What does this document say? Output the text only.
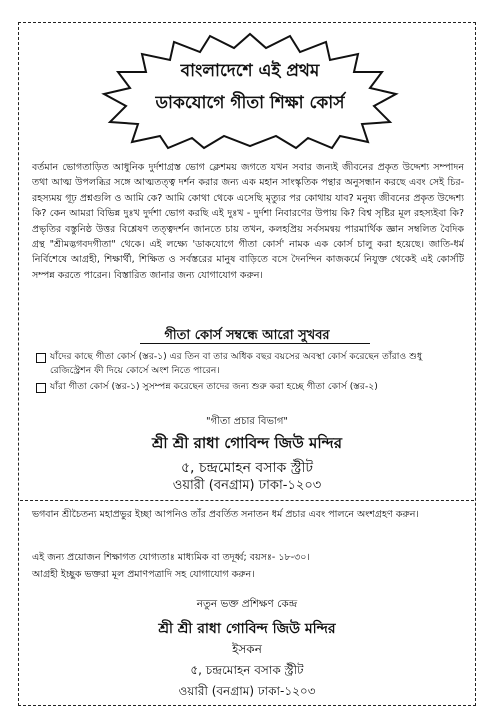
বাংলাদেশে এই প্রথম
ডাকযোগে গীতা শিক্ষা কোর্স

বর্তমান ভোগতাড়িত আধুনিক দুর্দশাগ্রস্ত ভোগ ক্লেশময় জগতে যখন সবার জন্যই জীবনের প্রকৃত উদ্দেশ্য সম্পাদন তথা আত্ম উপলব্ধির সঙ্গে আত্মতত্ত্ব দর্শন করার জন্য এক মহান সাংস্কৃতিক পন্থার অনুসন্ধান করছে এবং সেই চির-রহস্যময় গূঢ় প্রশ্নগুলি ও আমি কে? আমি কোথা থেকে এসেছি মৃত্যুর পর কোথায় যাব? মনুষ্য জীবনের প্রকৃত উদ্দেশ্য কি? কেন আমরা বিভিন্ন দুঃখ দুর্দশা ভোগ করছি এই দুঃখ - দুর্দশা নিবারণের উপায় কি? বিশ্ব সৃষ্টির মূল রহস্যইবা কি? প্রভৃতির বস্তুনিষ্ঠ উত্তর বিশ্লেষণ তত্ত্বদর্শন জানতে চায় তখন, কলহপ্রিয় সর্বসমন্বয় পারমার্থিক জ্ঞান সম্বলিত বৈদিক গ্রন্থ "শ্রীমদ্ভগবদগীতা" থেকে। এই লক্ষ্যে 'ডাকযোগে গীতা কোর্স' নামক এক কোর্স চালু করা হয়েছে। জাতি-ধর্ম নির্বিশেষে আগ্রহী, শিক্ষার্থী, শিক্ষিত ও সর্বস্তরের মানুষ বাড়িতে বসে দৈনন্দিন কাজকর্মে নিযুক্ত থেকেই এই কোর্সটি সম্পন্ন করতে পারেন। বিস্তারিত জানার জন্য যোগাযোগ করুন।

গীতা কোর্স সম্বন্ধে আরো সুখবর
যাঁদের কাছে গীতা কোর্স (স্তর-১) এর তিন বা তার অধিক বছর বয়সের অবস্থা কোর্স করেছেন তাঁরাও শুধু রেজিস্ট্রেশন ফী দিয়ে কোর্সে অংশ নিতে পারেন।
যাঁরা গীতা কোর্স (স্তর-১) সুসম্পন্ন করেছেন তাদের জন্য শুরু করা হচ্ছে গীতা কোর্স (স্তর-২)
"গীতা প্রচার বিভাগ"
শ্রী শ্রী রাধা গোবিন্দ জিউ মন্দির
৫, চন্দ্রমোহন বসাক স্ট্রীট
ওয়ারী (বনগ্রাম) ঢাকা-১২০৩

ভগবান শ্রীচৈতন্য মহাপ্রভুর ইচ্ছা আপনিও তাঁর প্রবর্তিত সনাতন ধর্ম প্রচার এবং পালনে অংশগ্রহণ করুন।

এই জন্য প্রয়োজন শিক্ষাগত যোগ্যতাঃ মাধ্যমিক বা তদূর্ধ্ব; বয়সঃ- ১৮-৩০।

আগ্রহী ইচ্ছুক ভক্তরা মূল প্রমাণপত্রাদি সহ যোগাযোগ করুন।

নতুন ভক্ত প্রশিক্ষণ কেন্দ্র
শ্রী শ্রী রাধা গোবিন্দ জিউ মন্দির
ইসকন
৫, চন্দ্রমোহন বসাক স্ট্রীট
ওয়ারী (বনগ্রাম) ঢাকা-১২০৩
